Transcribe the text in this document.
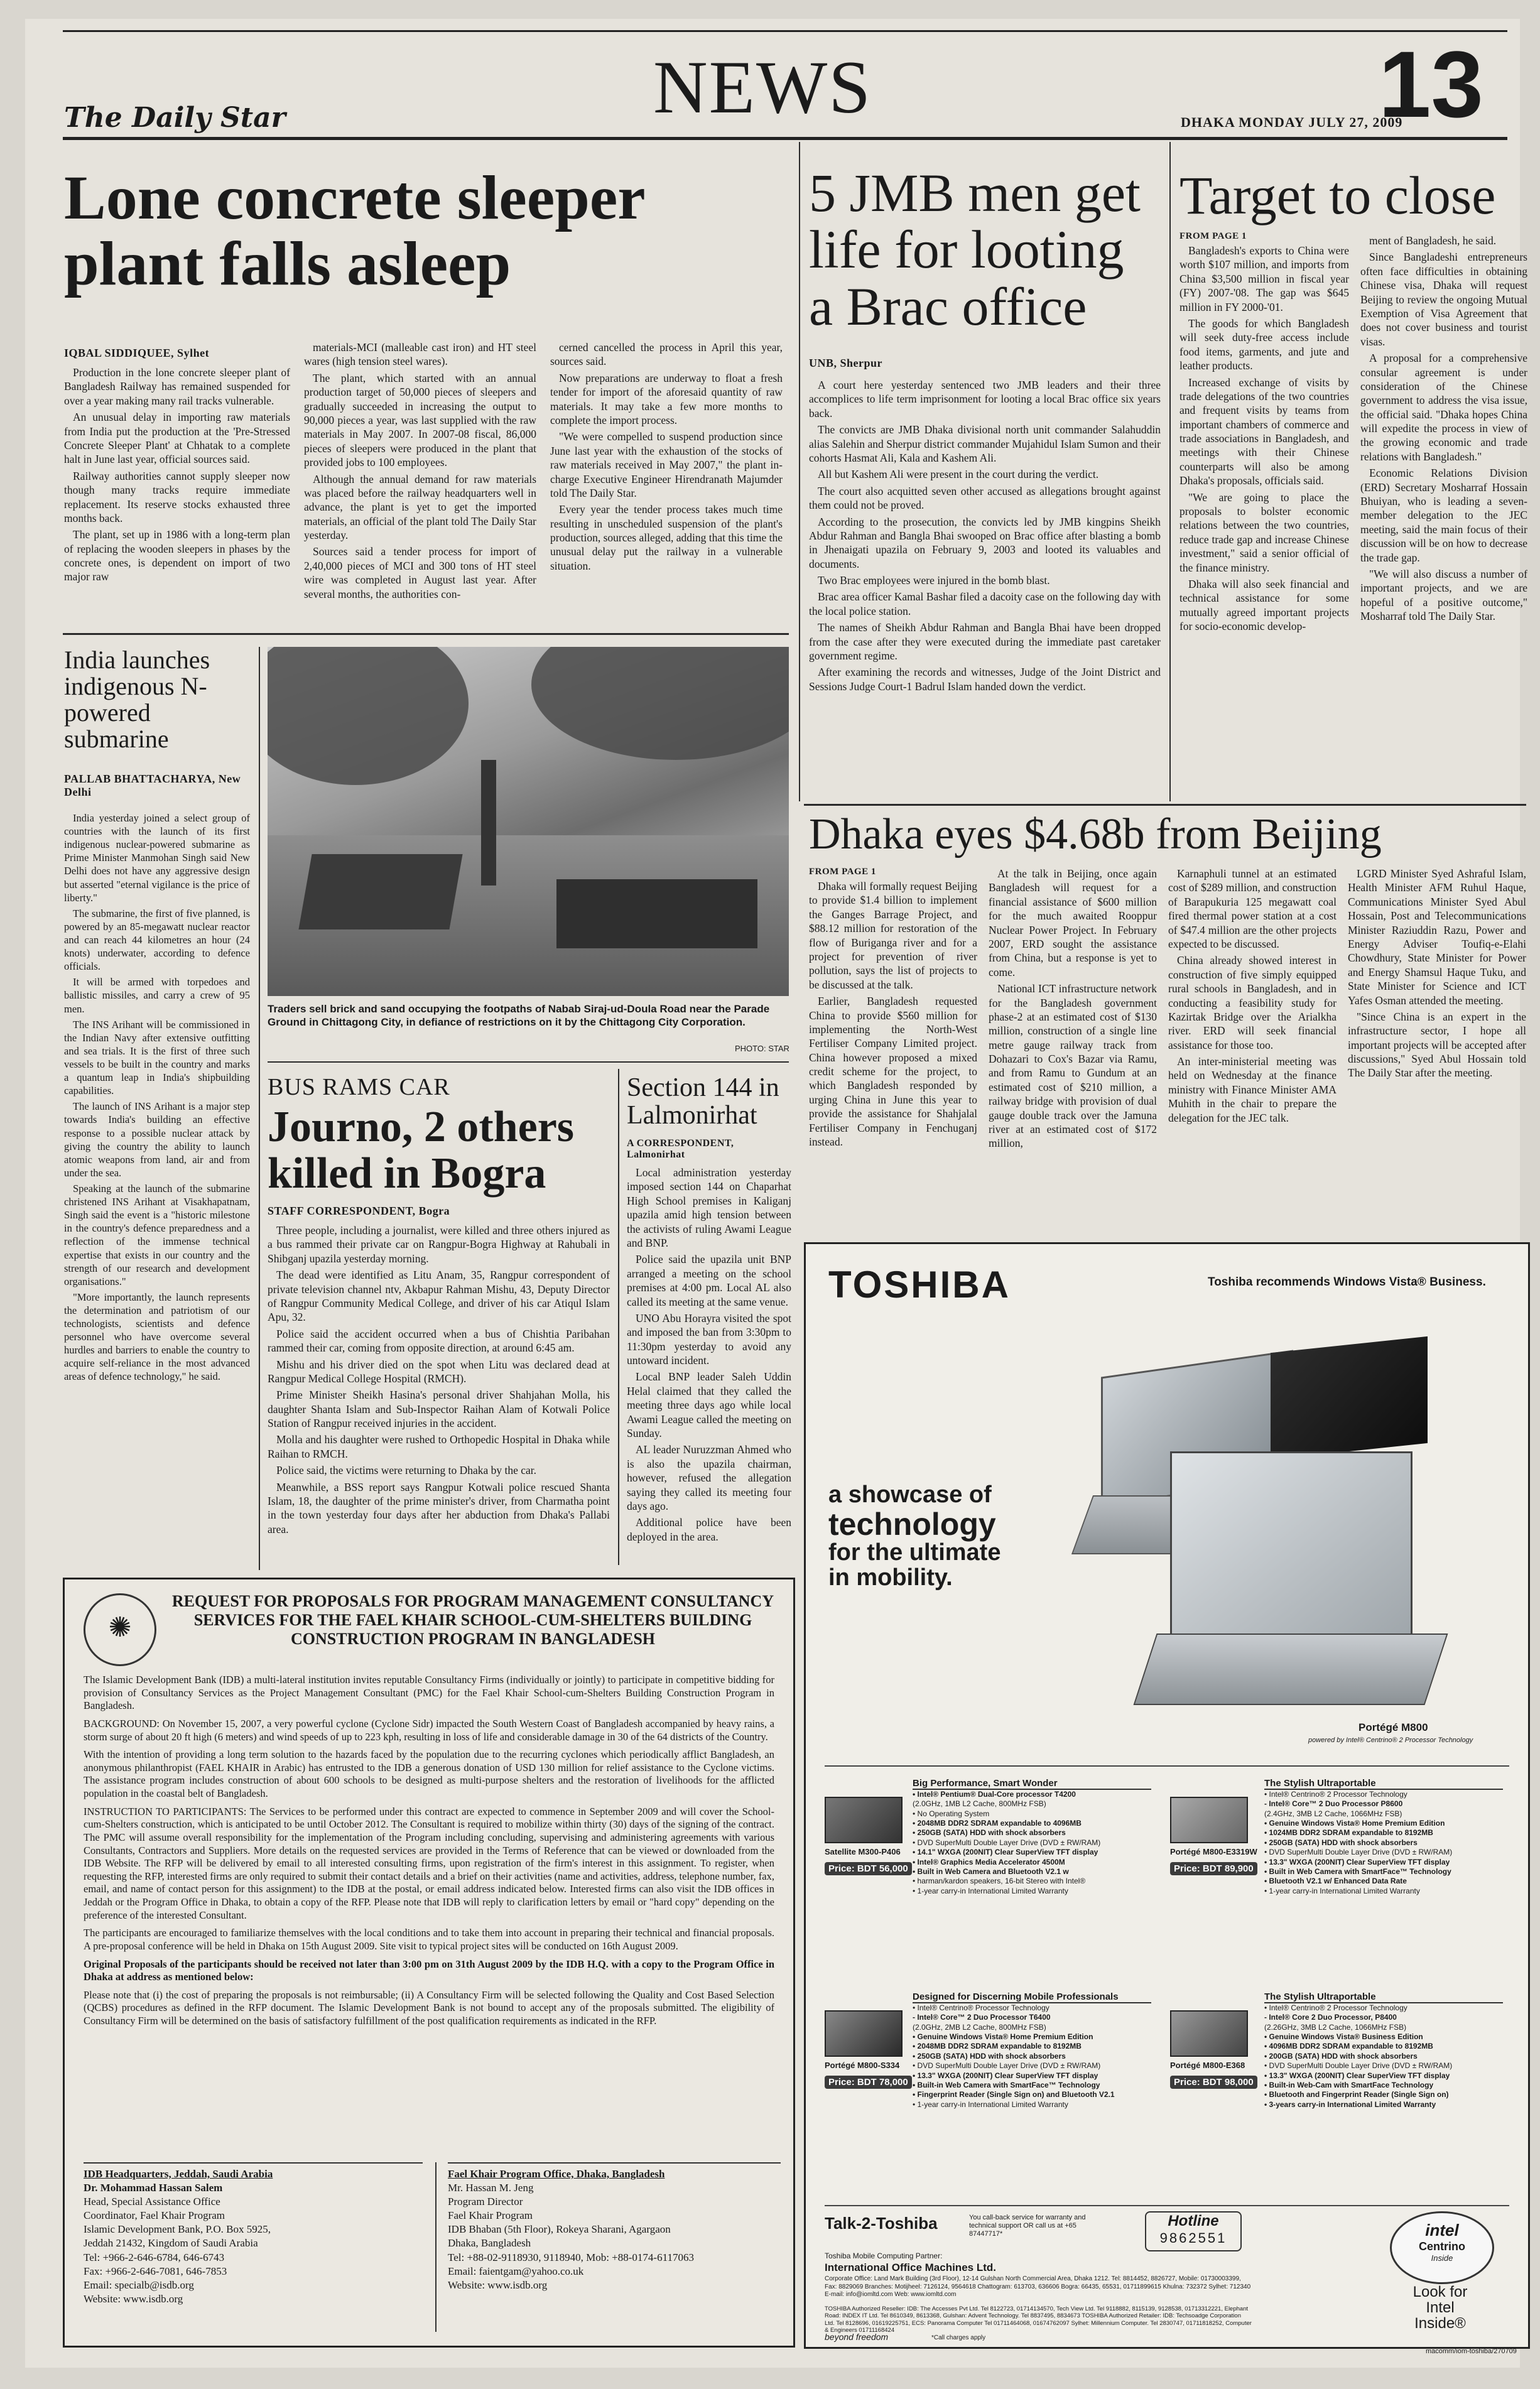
The Daily Star	NEWS	DHAKA MONDAY JULY 27, 2009
13
Lone concrete sleeper plant falls asleep
IQBAL SIDDIQUEE, Sylhet

Production in the lone concrete sleeper plant of Bangladesh Railway has remained suspended for over a year making many rail tracks vulnerable.

An unusual delay in importing raw materials from India put the production at the 'Pre-Stressed Concrete Sleeper Plant' at Chhatak to a complete halt in June last year, official sources said.

Railway authorities cannot supply sleeper now though many tracks require immediate replacement. Its reserve stocks exhausted three months back.

The plant, set up in 1986 with a long-term plan of replacing the wooden sleepers in phases by the concrete ones, is dependent on import of two major raw

materials-MCI (malleable cast iron) and HT steel wares (high tension steel wares).

The plant, which started with an annual production target of 50,000 pieces of sleepers and gradually succeeded in increasing the output to 90,000 pieces a year, was last supplied with the raw materials in May 2007. In 2007-08 fiscal, 86,000 pieces of sleepers were produced in the plant that provided jobs to 100 employees.

Although the annual demand for raw materials was placed before the railway headquarters well in advance, the plant is yet to get the imported materials, an official of the plant told The Daily Star yesterday.

Sources said a tender process for import of 2,40,000 pieces of MCI and 300 tons of HT steel wire was completed in August last year. After several months, the authorities con-

cerned cancelled the process in April this year, sources said.

Now preparations are underway to float a fresh tender for import of the aforesaid quantity of raw materials. It may take a few more months to complete the import process.

"We were compelled to suspend production since June last year with the exhaustion of the stocks of raw materials received in May 2007," the plant in-charge Executive Engineer Hirendranath Majumder told The Daily Star.

Every year the tender process takes much time resulting in unscheduled suspension of the plant's production, sources alleged, adding that this time the unusual delay put the railway in a vulnerable situation.

5 JMB men get life for looting a Brac office
UNB, Sherpur

A court here yesterday sentenced two JMB leaders and their three accomplices to life term imprisonment for looting a local Brac office six years back.

The convicts are JMB Dhaka divisional north unit commander Salahuddin alias Salehin and Sherpur district commander Mujahidul Islam Sumon and their cohorts Hasmat Ali, Kala and Kashem Ali.

All but Kashem Ali were present in the court during the verdict.

The court also acquitted seven other accused as allegations brought against them could not be proved.

According to the prosecution, the convicts led by JMB kingpins Sheikh Abdur Rahman and Bangla Bhai swooped on Brac office after blasting a bomb in Jhenaigati upazila on February 9, 2003 and looted its valuables and documents.

Two Brac employees were injured in the bomb blast.

Brac area officer Kamal Bashar filed a dacoity case on the following day with the local police station.

The names of Sheikh Abdur Rahman and Bangla Bhai have been dropped from the case after they were executed during the immediate past caretaker government regime.

After examining the records and witnesses, Judge of the Joint District and Sessions Judge Court-1 Badrul Islam handed down the verdict.

Target to close
FROM PAGE 1

Bangladesh's exports to China were worth $107 million, and imports from China $3,500 million in fiscal year (FY) 2007-'08. The gap was $645 million in FY 2000-'01.

The goods for which Bangladesh will seek duty-free access include food items, garments, and jute and leather products.

Increased exchange of visits by trade delegations of the two countries and frequent visits by teams from important chambers of commerce and trade associations in Bangladesh, and meetings with their Chinese counterparts will also be among Dhaka's proposals, officials said.

"We are going to place the proposals to bolster economic relations between the two countries, reduce trade gap and increase Chinese investment," said a senior official of the finance ministry.

Dhaka will also seek financial and technical assistance for some mutually agreed important projects for socio-economic develop-

ment of Bangladesh, he said.

Since Bangladeshi entrepreneurs often face difficulties in obtaining Chinese visa, Dhaka will request Beijing to review the ongoing Mutual Exemption of Visa Agreement that does not cover business and tourist visas.

A proposal for a comprehensive consular agreement is under consideration of the Chinese government to address the visa issue, the official said. "Dhaka hopes China will expedite the process in view of the growing economic and trade relations with Bangladesh."

Economic Relations Division (ERD) Secretary Mosharraf Hossain Bhuiyan, who is leading a seven-member delegation to the JEC meeting, said the main focus of their discussion will be on how to decrease the trade gap.

"We will also discuss a number of important projects, and we are hopeful of a positive outcome," Mosharraf told The Daily Star.

Dhaka eyes $4.68b from Beijing
FROM PAGE 1

Dhaka will formally request Beijing to provide $1.4 billion to implement the Ganges Barrage Project, and $88.12 million for restoration of the flow of Buriganga river and for a project for prevention of river pollution, says the list of projects to be discussed at the talk.

Earlier, Bangladesh requested China to provide $560 million for implementing the North-West Fertiliser Company Limited project. China however proposed a mixed credit scheme for the project, to which Bangladesh responded by urging China in June this year to provide the assistance for Shahjalal Fertiliser Company in Fenchuganj instead.

At the talk in Beijing, once again Bangladesh will request for a financial assistance of $600 million for the much awaited Rooppur Nuclear Power Project. In February 2007, ERD sought the assistance from China, but a response is yet to come.

National ICT infrastructure network for the Bangladesh government phase-2 at an estimated cost of $130 million, construction of a single line metre gauge railway track from Dohazari to Cox's Bazar via Ramu, and from Ramu to Gundum at an estimated cost of $210 million, a railway bridge with provision of dual gauge double track over the Jamuna river at an estimated cost of $172 million,

Karnaphuli tunnel at an estimated cost of $289 million, and construction of Barapukuria 125 megawatt coal fired thermal power station at a cost of $47.4 million are the other projects expected to be discussed.

China already showed interest in construction of five simply equipped rural schools in Bangladesh, and in conducting a feasibility study for Kazirtak Bridge over the Arialkha river. ERD will seek financial assistance for those too.

An inter-ministerial meeting was held on Wednesday at the finance ministry with Finance Minister AMA Muhith in the chair to prepare the delegation for the JEC talk.

LGRD Minister Syed Ashraful Islam, Health Minister AFM Ruhul Haque, Communications Minister Syed Abul Hossain, Post and Telecommunications Minister Raziuddin Razu, Power and Energy Adviser Toufiq-e-Elahi Chowdhury, State Minister for Power and Energy Shamsul Haque Tuku, and State Minister for Science and ICT Yafes Osman attended the meeting.

"Since China is an expert in the infrastructure sector, I hope all important projects will be accepted after discussions," Syed Abul Hossain told The Daily Star after the meeting.

India launches indigenous N-powered submarine
PALLAB BHATTACHARYA, New Delhi

India yesterday joined a select group of countries with the launch of its first indigenous nuclear-powered submarine as Prime Minister Manmohan Singh said New Delhi does not have any aggressive design but asserted "eternal vigilance is the price of liberty."

The submarine, the first of five planned, is powered by an 85-megawatt nuclear reactor and can reach 44 kilometres an hour (24 knots) underwater, according to defence officials.

It will be armed with torpedoes and ballistic missiles, and carry a crew of 95 men.

The INS Arihant will be commissioned in the Indian Navy after extensive outfitting and sea trials. It is the first of three such vessels to be built in the country and marks a quantum leap in India's shipbuilding capabilities.

The launch of INS Arihant is a major step towards India's building an effective response to a possible nuclear attack by giving the country the ability to launch atomic weapons from land, air and from under the sea.

Speaking at the launch of the submarine christened INS Arihant at Visakhapatnam, Singh said the event is a "historic milestone in the country's defence preparedness and a reflection of the immense technical expertise that exists in our country and the strength of our research and development organisations."

"More importantly, the launch represents the determination and patriotism of our technologists, scientists and defence personnel who have overcome several hurdles and barriers to enable the country to acquire self-reliance in the most advanced areas of defence technology," he said.

Traders sell brick and sand occupying the footpaths of Nabab Siraj-ud-Doula Road near the Parade Ground in Chittagong City, in defiance of restrictions on it by the Chittagong City Corporation.
PHOTO: STAR
BUS RAMS CAR
Journo, 2 others killed in Bogra
STAFF CORRESPONDENT, Bogra

Three people, including a journalist, were killed and three others injured as a bus rammed their private car on Rangpur-Bogra Highway at Rahubali in Shibganj upazila yesterday morning.

The dead were identified as Litu Anam, 35, Rangpur correspondent of private television channel ntv, Akbapur Rahman Mishu, 43, Deputy Director of Rangpur Community Medical College, and driver of his car Atiqul Islam Apu, 32.

Police said the accident occurred when a bus of Chishtia Paribahan rammed their car, coming from opposite direction, at around 6:45 am.

Mishu and his driver died on the spot when Litu was declared dead at Rangpur Medical College Hospital (RMCH).

Prime Minister Sheikh Hasina's personal driver Shahjahan Molla, his daughter Shanta Islam and Sub-Inspector Raihan Alam of Kotwali Police Station of Rangpur received injuries in the accident.

Molla and his daughter were rushed to Orthopedic Hospital in Dhaka while Raihan to RMCH.

Police said, the victims were returning to Dhaka by the car.

Meanwhile, a BSS report says Rangpur Kotwali police rescued Shanta Islam, 18, the daughter of the prime minister's driver, from Charmatha point in the town yesterday four days after her abduction from Dhaka's Pallabi area.

Section 144 in Lalmonirhat
A CORRESPONDENT, Lalmonirhat

Local administration yesterday imposed section 144 on Chaparhat High School premises in Kaliganj upazila amid high tension between the activists of ruling Awami League and BNP.

Police said the upazila unit BNP arranged a meeting on the school premises at 4:00 pm. Local AL also called its meeting at the same venue.

UNO Abu Horayra visited the spot and imposed the ban from 3:30pm to 11:30pm yesterday to avoid any untoward incident.

Local BNP leader Saleh Uddin Helal claimed that they called the meeting three days ago while local Awami League called the meeting on Sunday.

AL leader Nuruzzman Ahmed who is also the upazila chairman, however, refused the allegation saying they called its meeting four days ago.

Additional police have been deployed in the area.

✺
REQUEST FOR PROPOSALS FOR PROGRAM MANAGEMENT CONSULTANCY SERVICES FOR THE FAEL KHAIR SCHOOL-CUM-SHELTERS BUILDING CONSTRUCTION PROGRAM IN BANGLADESH

The Islamic Development Bank (IDB) a multi-lateral institution invites reputable Consultancy Firms (individually or jointly) to participate in competitive bidding for provision of Consultancy Services as the Project Management Consultant (PMC) for the Fael Khair School-cum-Shelters Building Construction Program in Bangladesh.

BACKGROUND: On November 15, 2007, a very powerful cyclone (Cyclone Sidr) impacted the South Western Coast of Bangladesh accompanied by heavy rains, a storm surge of about 20 ft high (6 meters) and wind speeds of up to 223 kph, resulting in loss of life and considerable damage in 30 of the 64 districts of the Country.

With the intention of providing a long term solution to the hazards faced by the population due to the recurring cyclones which periodically afflict Bangladesh, an anonymous philanthropist (FAEL KHAIR in Arabic) has entrusted to the IDB a generous donation of USD 130 million for relief assistance to the Cyclone victims. The assistance program includes construction of about 600 schools to be designed as multi-purpose shelters and the restoration of livelihoods for the afflicted population in the coastal belt of Bangladesh.

INSTRUCTION TO PARTICIPANTS: The Services to be performed under this contract are expected to commence in September 2009 and will cover the School-cum-Shelters construction, which is anticipated to be until October 2012. The Consultant is required to mobilize within thirty (30) days of the signing of the contract. The PMC will assume overall responsibility for the implementation of the Program including concluding, supervising and administering agreements with various Consultants, Contractors and Suppliers. More details on the requested services are provided in the Terms of Reference that can be viewed or downloaded from the IDB Website. The RFP will be delivered by email to all interested consulting firms, upon registration of the firm's interest in this assignment. To register, when requesting the RFP, interested firms are only required to submit their contact details and a brief on their activities (name and activities, address, telephone number, fax, email, and name of contact person for this assignment) to the IDB at the postal, or email address indicated below. Interested firms can also visit the IDB offices in Jeddah or the Program Office in Dhaka, to obtain a copy of the RFP. Please note that IDB will reply to clarification letters by email or "hard copy" depending on the preference of the interested Consultant.

The participants are encouraged to familiarize themselves with the local conditions and to take them into account in preparing their technical and financial proposals. A pre-proposal conference will be held in Dhaka on 15th August 2009. Site visit to typical project sites will be conducted on 16th August 2009.

Original Proposals of the participants should be received not later than 3:00 pm on 31th August 2009 by the IDB H.Q. with a copy to the Program Office in Dhaka at address as mentioned below:

Please note that (i) the cost of preparing the proposals is not reimbursable; (ii) A Consultancy Firm will be selected following the Quality and Cost Based Selection (QCBS) procedures as defined in the RFP document. The Islamic Development Bank is not bound to accept any of the proposals submitted. The eligibility of Consultancy Firm will be determined on the basis of satisfactory fulfillment of the post qualification requirements as indicated in the RFP.

IDB Headquarters, Jeddah, Saudi Arabia
Dr. Mohammad Hassan Salem
Head, Special Assistance Office
Coordinator, Fael Khair Program
Islamic Development Bank, P.O. Box 5925,
Jeddah 21432, Kingdom of Saudi Arabia
Tel: +966-2-646-6784, 646-6743
Fax: +966-2-646-7081, 646-7853
Email: specialb@isdb.org
Website: www.isdb.org
Fael Khair Program Office, Dhaka, Bangladesh
Mr. Hassan M. Jeng
Program Director
Fael Khair Program
IDB Bhaban (5th Floor), Rokeya Sharani, Agargaon
Dhaka, Bangladesh
Tel: +88-02-9118930, 9118940, Mob: +88-0174-6117063
Email: faientgam@yahoo.co.uk
Website: www.isdb.org
TOSHIBA	Toshiba recommends Windows Vista® Business.
a showcase of
technology
for the ultimate
in mobility.
Portégé M800
powered by Intel® Centrino® 2 Processor Technology
Satellite M300-P406
Price: BDT 56,000
Big Performance, Smart Wonder
• Intel® Pentium® Dual-Core processor T4200
(2.0GHz, 1MB L2 Cache, 800MHz FSB)
• No Operating System
• 2048MB DDR2 SDRAM expandable to 4096MB
• 250GB (SATA) HDD with shock absorbers
• DVD SuperMulti Double Layer Drive (DVD ± RW/RAM)
• 14.1" WXGA (200NIT) Clear SuperView TFT display
• Intel® Graphics Media Accelerator 4500M
• Built in Web Camera and Bluetooth V2.1 w
• harman/kardon speakers, 16-bit Stereo with Intel®
• 1-year carry-in International Limited Warranty
Portégé M800-E3319W
Price: BDT 89,900
The Stylish Ultraportable
• Intel® Centrino® 2 Processor Technology
- Intel® Core™ 2 Duo Processor P8600
(2.4GHz, 3MB L2 Cache, 1066MHz FSB)
• Genuine Windows Vista® Home Premium Edition
• 1024MB DDR2 SDRAM expandable to 8192MB
• 250GB (SATA) HDD with shock absorbers
• DVD SuperMulti Double Layer Drive (DVD ± RW/RAM)
• 13.3" WXGA (200NIT) Clear SuperView TFT display
• Built in Web Camera with SmartFace™ Technology
• Bluetooth V2.1 w/ Enhanced Data Rate
• 1-year carry-in International Limited Warranty
Portégé M800-S334
Price: BDT 78,000
Designed for Discerning Mobile Professionals
• Intel® Centrino® Processor Technology
- Intel® Core™ 2 Duo Processor T6400
(2.0GHz, 2MB L2 Cache, 800MHz FSB)
• Genuine Windows Vista® Home Premium Edition
• 2048MB DDR2 SDRAM expandable to 8192MB
• 250GB (SATA) HDD with shock absorbers
• DVD SuperMulti Double Layer Drive (DVD ± RW/RAM)
• 13.3" WXGA (200NIT) Clear SuperView TFT display
• Built-in Web Camera with SmartFace™ Technology
• Fingerprint Reader (Single Sign on) and Bluetooth V2.1
• 1-year carry-in International Limited Warranty
Portégé M800-E368
Price: BDT 98,000
The Stylish Ultraportable
• Intel® Centrino® 2 Processor Technology
- Intel® Core 2 Duo Processor, P8400
(2.26GHz, 3MB L2 Cache, 1066MHz FSB)
• Genuine Windows Vista® Business Edition
• 4096MB DDR2 SDRAM expandable to 8192MB
• 200GB (SATA) HDD with shock absorbers
• DVD SuperMulti Double Layer Drive (DVD ± RW/RAM)
• 13.3" WXGA (200NIT) Clear SuperView TFT display
• Built-in Web-Cam with SmartFace Technology
• Bluetooth and Fingerprint Reader (Single Sign on)
• 3-years carry-in International Limited Warranty
Talk-2-Toshiba	You call-back service for warranty and technical support OR call us at +65 87447717*
Hotline
9862551
Toshiba Mobile Computing Partner:
International Office Machines Ltd.
Corporate Office: Land Mark Building (3rd Floor), 12-14 Gulshan North Commercial Area, Dhaka 1212. Tel: 8814452, 8826727, Mobile: 01730003399, Fax: 8829069 Branches: Motijheel: 7126124, 9564618 Chattogram: 613703, 636606 Bogra: 66435, 65531, 01711899615 Khulna: 732372 Sylhet: 712340 E-mail: info@iomltd.com Web: www.iomltd.com
TOSHIBA Authorized Reseller: IDB: The Accesses Pvt Ltd. Tel 8122723, 01714134570, Tech View Ltd. Tel 9118882, 8115139, 9128538, 01713312221, Elephant Road: INDEX IT Ltd. Tel 8610349, 8613368, Gulshan: Advent Technology. Tel 8837495, 8834673 TOSHIBA Authorized Retailer: IDB: Techsoadge Corporation Ltd. Tel 8128696, 01619225751, ECS: Panorama Computer Tel 01711464068, 01674762097 Sylhet: Millennium Computer. Tel 2830747, 01711818252, Computer & Engineers 01711168424
beyond freedom	*Call charges apply
intel
Centrino
Inside
Look for
Intel
Inside®
macomm/iom-toshiba/270709
